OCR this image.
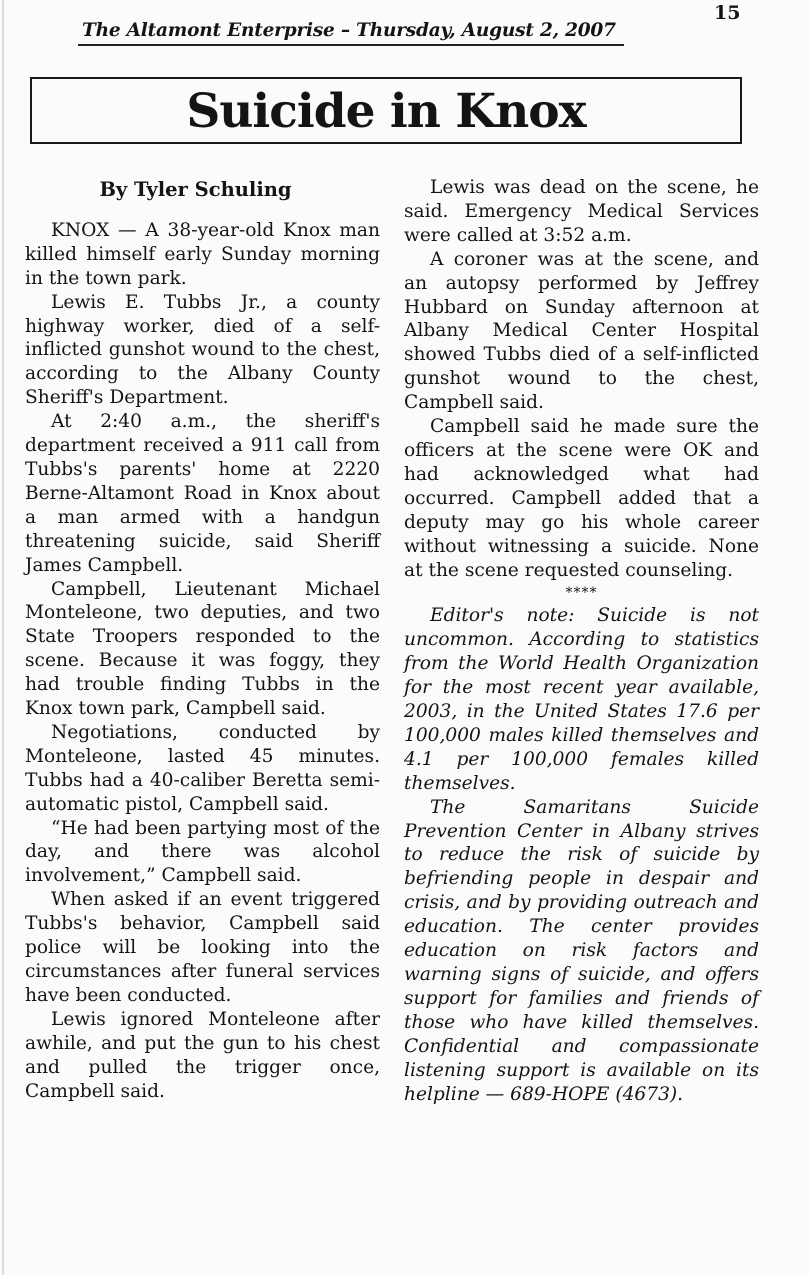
The Altamont Enterprise – Thursday, August 2, 2007
15
Suicide in Knox
By Tyler Schuling

KNOX — A 38-year-old Knox man killed himself early Sunday morning in the town park.

Lewis E. Tubbs Jr., a county highway worker, died of a self-inflicted gunshot wound to the chest, according to the Albany County Sheriff's Department.

At 2:40 a.m., the sheriff's department received a 911 call from Tubbs's parents' home at 2220 Berne-Altamont Road in Knox about a man armed with a handgun threatening suicide, said Sheriff James Campbell.

Campbell, Lieutenant Michael Monteleone, two deputies, and two State Troopers responded to the scene. Because it was foggy, they had trouble finding Tubbs in the Knox town park, Campbell said.

Negotiations, conducted by Monteleone, lasted 45 minutes. Tubbs had a 40-caliber Beretta semi-automatic pistol, Campbell said.

“He had been partying most of the day, and there was alcohol involvement,” Campbell said.

When asked if an event triggered Tubbs's behavior, Campbell said police will be looking into the circumstances after funeral services have been conducted.

Lewis ignored Monteleone after awhile, and put the gun to his chest and pulled the trigger once, Campbell said.

Lewis was dead on the scene, he said. Emergency Medical Services were called at 3:52 a.m.

A coroner was at the scene, and an autopsy performed by Jeffrey Hubbard on Sunday afternoon at Albany Medical Center Hospital showed Tubbs died of a self-inflicted gunshot wound to the chest, Campbell said.

Campbell said he made sure the officers at the scene were OK and had acknowledged what had occurred. Campbell added that a deputy may go his whole career without witnessing a suicide. None at the scene requested counseling.

****

Editor's note: Suicide is not uncommon. According to statistics from the World Health Organization for the most recent year available, 2003, in the United States 17.6 per 100,000 males killed themselves and 4.1 per 100,000 females killed themselves.

The Samaritans Suicide Prevention Center in Albany strives to reduce the risk of suicide by befriending people in despair and crisis, and by providing outreach and education. The center provides education on risk factors and warning signs of suicide, and offers support for families and friends of those who have killed themselves. Confidential and compassionate listening support is available on its helpline — 689-HOPE (4673).
